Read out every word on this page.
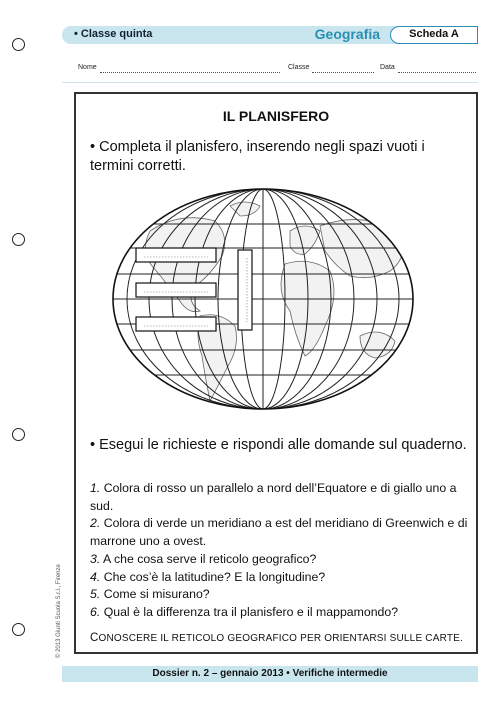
• Classe quinta	Geografia	Scheda A
Nome	Classe	Data
IL PLANISFERO
• Completa il planisfero, inserendo negli spazi vuoti i termini corretti.
• Esegui le richieste e rispondi alle domande sul quaderno.
1. Colora di rosso un parallelo a nord dell’Equatore e di giallo uno a sud.
2. Colora di verde un meridiano a est del meridiano di Greenwich e di marrone uno a ovest.
3. A che cosa serve il reticolo geografico?
4. Che cos’è la latitudine? E la longitudine?
5. Come si misurano?
6. Qual è la differenza tra il planisfero e il mappamondo?
CONOSCERE IL RETICOLO GEOGRAFICO PER ORIENTARSI SULLE CARTE.
© 2013 Giunti Scuola S.r.l., Firenze
Dossier n. 2 – gennaio 2013 • Verifiche intermedie
